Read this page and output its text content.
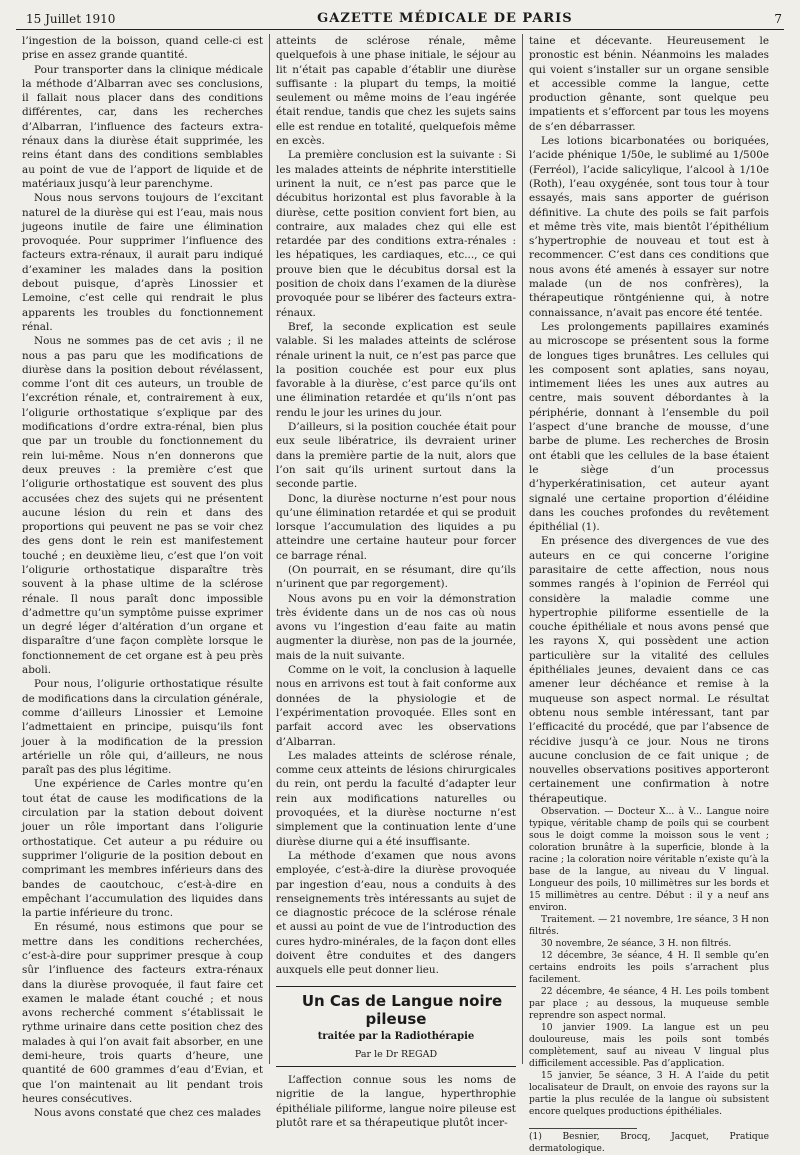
15 Juillet 1910	GAZETTE MÉDICALE DE PARIS	7

l’ingestion de la boisson, quand celle-ci est prise en assez grande quantité.

Pour transporter dans la clinique médicale la méthode d’Albarran avec ses conclusions, il fallait nous placer dans des conditions différentes, car, dans les recherches d’Albarran, l’influence des facteurs extra-rénaux dans la diurèse était supprimée, les reins étant dans des conditions semblables au point de vue de l’apport de liquide et de matériaux jusqu’à leur parenchyme.

Nous nous servons toujours de l’excitant naturel de la diurèse qui est l’eau, mais nous jugeons inutile de faire une élimination provoquée. Pour supprimer l’influence des facteurs extra-rénaux, il aurait paru indiqué d’examiner les malades dans la position debout puisque, d’après Linossier et Lemoine, c’est celle qui rendrait le plus apparents les troubles du fonctionnement rénal.

Nous ne sommes pas de cet avis ; il ne nous a pas paru que les modifications de diurèse dans la position debout révélassent, comme l’ont dit ces auteurs, un trouble de l’excrétion rénale, et, contrairement à eux, l’oligurie orthostatique s’explique par des modifications d’ordre extra-rénal, bien plus que par un trouble du fonctionnement du rein lui-même. Nous n’en donnerons que deux preuves : la première c’est que l’oligurie orthostatique est souvent des plus accusées chez des sujets qui ne présentent aucune lésion du rein et dans des proportions qui peuvent ne pas se voir chez des gens dont le rein est manifestement touché ; en deuxième lieu, c’est que l’on voit l’oligurie orthostatique disparaître très souvent à la phase ultime de la sclérose rénale. Il nous paraît donc impossible d’admettre qu’un symptôme puisse exprimer un degré léger d’altération d’un organe et disparaître d’une façon complète lorsque le fonctionnement de cet organe est à peu près aboli.

Pour nous, l’oligurie orthostatique résulte de modifications dans la circulation générale, comme d’ailleurs Linossier et Lemoine l’admettaient en principe, puisqu’ils font jouer à la modification de la pression artérielle un rôle qui, d’ailleurs, ne nous paraît pas des plus légitime.

Une expérience de Carles montre qu’en tout état de cause les modifications de la circulation par la station debout doivent jouer un rôle important dans l’oligurie orthostatique. Cet auteur a pu réduire ou supprimer l’oligurie de la position debout en comprimant les membres inférieurs dans des bandes de caoutchouc, c’est-à-dire en empêchant l’accumulation des liquides dans la partie inférieure du tronc.

En résumé, nous estimons que pour se mettre dans les conditions recherchées, c’est-à-dire pour supprimer presque à coup sûr l’influence des facteurs extra-rénaux dans la diurèse provoquée, il faut faire cet examen le malade étant couché ; et nous avons recherché comment s’établissait le rythme urinaire dans cette position chez des malades à qui l’on avait fait absorber, en une demi-heure, trois quarts d’heure, une quantité de 600 grammes d’eau d’Evian, et que l’on maintenait au lit pendant trois heures consécutives.

Nous avons constaté que chez ces malades

atteints de sclérose rénale, même quelquefois à une phase initiale, le séjour au lit n’était pas capable d’établir une diurèse suffisante : la plupart du temps, la moitié seulement ou même moins de l’eau ingérée était rendue, tandis que chez les sujets sains elle est rendue en totalité, quelquefois même en excès.

La première conclusion est la suivante : Si les malades atteints de néphrite interstitielle urinent la nuit, ce n’est pas parce que le décubitus horizontal est plus favorable à la diurèse, cette position convient fort bien, au contraire, aux malades chez qui elle est retardée par des conditions extra-rénales : les hépatiques, les cardiaques, etc..., ce qui prouve bien que le décubitus dorsal est la position de choix dans l’examen de la diurèse provoquée pour se libérer des facteurs extra-rénaux.

Bref, la seconde explication est seule valable. Si les malades atteints de sclérose rénale urinent la nuit, ce n’est pas parce que la position couchée est pour eux plus favorable à la diurèse, c’est parce qu’ils ont une élimination retardée et qu’ils n’ont pas rendu le jour les urines du jour.

D’ailleurs, si la position couchée était pour eux seule libératrice, ils devraient uriner dans la première partie de la nuit, alors que l’on sait qu’ils urinent surtout dans la seconde partie.

Donc, la diurèse nocturne n’est pour nous qu’une élimination retardée et qui se produit lorsque l’accumulation des liquides a pu atteindre une certaine hauteur pour forcer ce barrage rénal.

(On pourrait, en se résumant, dire qu’ils n’urinent que par regorgement).

Nous avons pu en voir la démonstration très évidente dans un de nos cas où nous avons vu l’ingestion d’eau faite au matin augmenter la diurèse, non pas de la journée, mais de la nuit suivante.

Comme on le voit, la conclusion à laquelle nous en arrivons est tout à fait conforme aux données de la physiologie et de l’expérimentation provoquée. Elles sont en parfait accord avec les observations d’Albarran.

Les malades atteints de sclérose rénale, comme ceux atteints de lésions chirurgicales du rein, ont perdu la faculté d’adapter leur rein aux modifications naturelles ou provoquées, et la diurèse nocturne n’est simplement que la continuation lente d’une diurèse diurne qui a été insuffisante.

La méthode d’examen que nous avons employée, c’est-à-dire la diurèse provoquée par ingestion d’eau, nous a conduits à des renseignements très intéressants au sujet de ce diagnostic précoce de la sclérose rénale et aussi au point de vue de l’introduction des cures hydro-minérales, de la façon dont elles doivent être conduites et des dangers auxquels elle peut donner lieu.

Un Cas de Langue noire pileuse

traitée par la Radiothérapie
Par le Dr REGAD

L’affection connue sous les noms de nigritie de la langue, hyperthrophie épithéliale piliforme, langue noire pileuse est plutôt rare et sa thérapeutique plutôt incer-

taine et décevante. Heureusement le pronostic est bénin. Néanmoins les malades qui voient s’installer sur un organe sensible et accessible comme la langue, cette production gênante, sont quelque peu impatients et s’efforcent par tous les moyens de s’en débarrasser.

Les lotions bicarbonatées ou boriquées, l’acide phénique 1/50e, le sublimé au 1/500e (Ferréol), l’acide salicylique, l’alcool à 1/10e (Roth), l’eau oxygénée, sont tous tour à tour essayés, mais sans apporter de guérison définitive. La chute des poils se fait parfois et même très vite, mais bientôt l’épithélium s’hypertrophie de nouveau et tout est à recommencer. C’est dans ces conditions que nous avons été amenés à essayer sur notre malade (un de nos confrères), la thérapeutique röntgénienne qui, à notre connaissance, n’avait pas encore été tentée.

Les prolongements papillaires examinés au microscope se présentent sous la forme de longues tiges brunâtres. Les cellules qui les composent sont aplaties, sans noyau, intimement liées les unes aux autres au centre, mais souvent débordantes à la périphérie, donnant à l’ensemble du poil l’aspect d’une branche de mousse, d’une barbe de plume. Les recherches de Brosin ont établi que les cellules de la base étaient le siège d’un processus d’hyperkératinisation, cet auteur ayant signalé une certaine proportion d’éléidine dans les couches profondes du revêtement épithélial (1).

En présence des divergences de vue des auteurs en ce qui concerne l’origine parasitaire de cette affection, nous nous sommes rangés à l’opinion de Ferréol qui considère la maladie comme une hypertrophie piliforme essentielle de la couche épithéliale et nous avons pensé que les rayons X, qui possèdent une action particulière sur la vitalité des cellules épithéliales jeunes, devaient dans ce cas amener leur déchéance et remise à la muqueuse son aspect normal. Le résultat obtenu nous semble intéressant, tant par l’efficacité du procédé, que par l’absence de récidive jusqu’à ce jour. Nous ne tirons aucune conclusion de ce fait unique ; de nouvelles observations positives apporteront certainement une confirmation à notre thérapeutique.

Observation. — Docteur X... à V... Langue noire typique, véritable champ de poils qui se courbent sous le doigt comme la moisson sous le vent ; coloration brunâtre à la superficie, blonde à la racine ; la coloration noire véritable n’existe qu’à la base de la langue, au niveau du V lingual. Longueur des poils, 10 millimètres sur les bords et 15 millimètres au centre. Début : il y a neuf ans environ.

Traitement. — 21 novembre, 1re séance, 3 H non filtrés.

30 novembre, 2e séance, 3 H. non filtrés.

12 décembre, 3e séance, 4 H. Il semble qu’en certains endroits les poils s’arrachent plus facilement.

22 décembre, 4e séance, 4 H. Les poils tombent par place ; au dessous, la muqueuse semble reprendre son aspect normal.

10 janvier 1909. La langue est un peu douloureuse, mais les poils sont tombés complètement, sauf au niveau V lingual plus difficilement accessible. Pas d’application.

15 janvier, 5e séance, 3 H. A l’aide du petit localisateur de Drault, on envoie des rayons sur la partie la plus reculée de la langue où subsistent encore quelques productions épithéliales.

(1) Besnier, Brocq, Jacquet, Pratique dermatologique.
